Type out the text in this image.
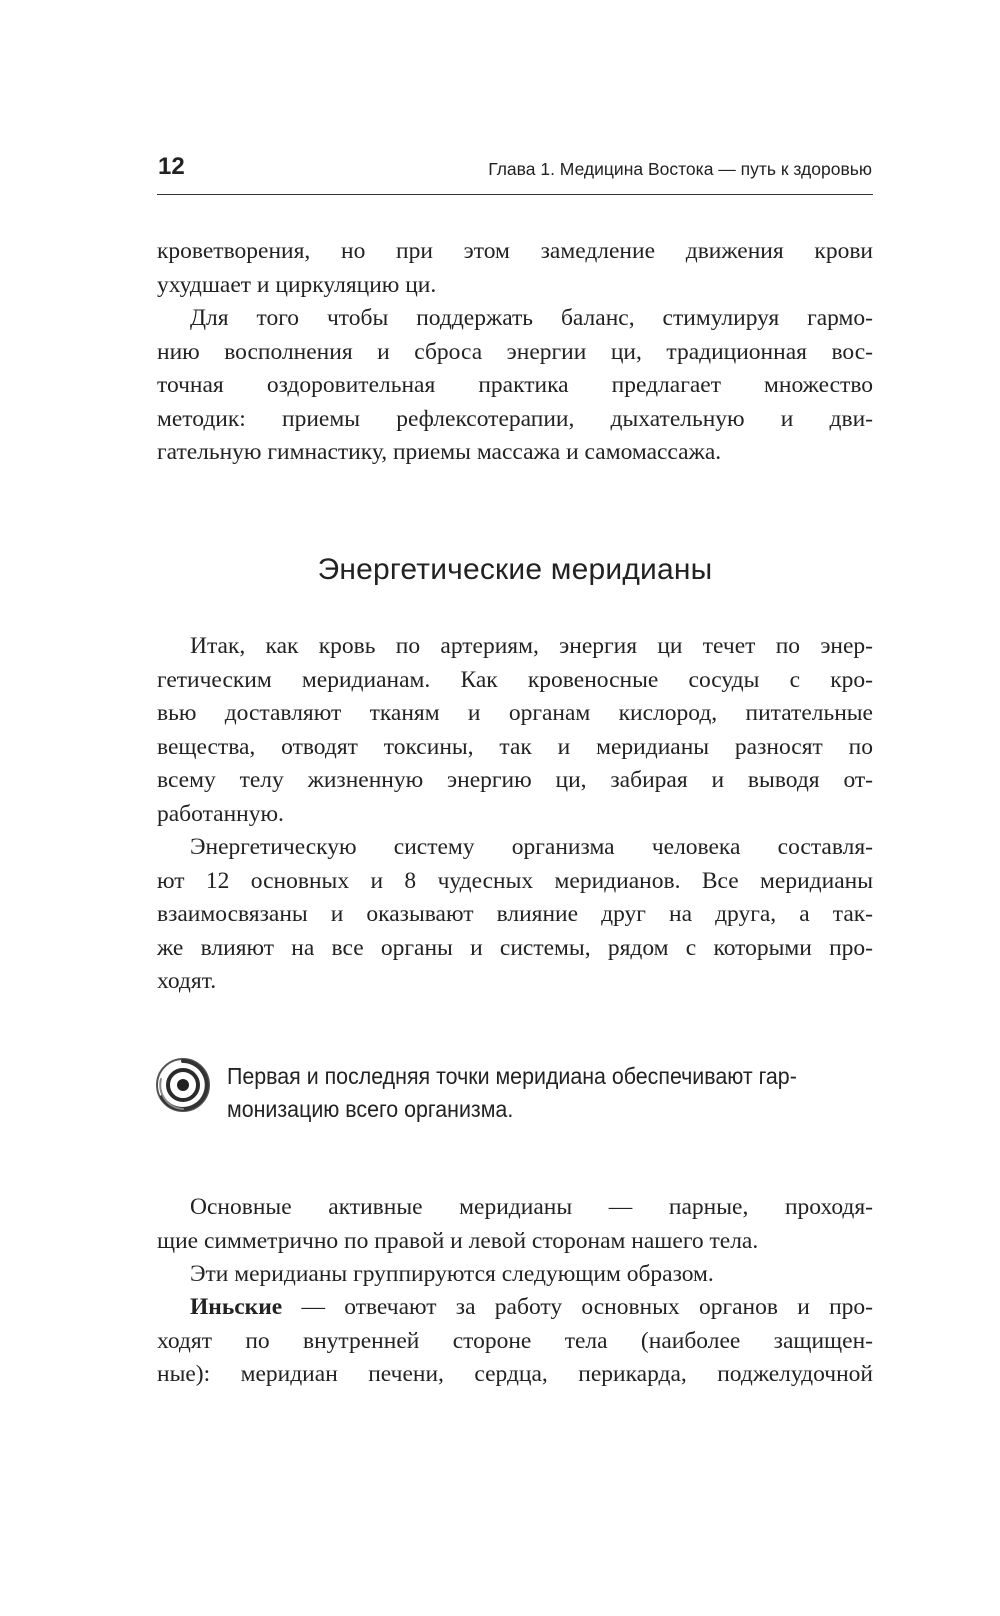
12	Глава 1. Медицина Востока — путь к здоровью
кроветворения, но при этом замедление движения крови
ухудшает и циркуляцию ци.
Для того чтобы поддержать баланс, стимулируя гармо-
нию восполнения и сброса энергии ци, традиционная вос-
точная оздоровительная практика предлагает множество
методик: приемы рефлексотерапии, дыхательную и дви-
гательную гимнастику, приемы массажа и самомассажа.
Энергетические меридианы
Итак, как кровь по артериям, энергия ци течет по энер-
гетическим меридианам. Как кровеносные сосуды с кро-
вью доставляют тканям и органам кислород, питательные
вещества, отводят токсины, так и меридианы разносят по
всему телу жизненную энергию ци, забирая и выводя от-
работанную.
Энергетическую систему организма человека составля-
ют 12 основных и 8 чудесных меридианов. Все меридианы
взаимосвязаны и оказывают влияние друг на друга, а так-
же влияют на все органы и системы, рядом с которыми про-
ходят.
Первая и последняя точки меридиана обеспечивают гар-
монизацию всего организма.
Основные активные меридианы — парные, проходя-
щие симметрично по правой и левой сторонам нашего тела.
Эти меридианы группируются следующим образом.
Иньские — отвечают за работу основных органов и про-
ходят по внутренней стороне тела (наиболее защищен-
ные): меридиан печени, сердца, перикарда, поджелудочной
